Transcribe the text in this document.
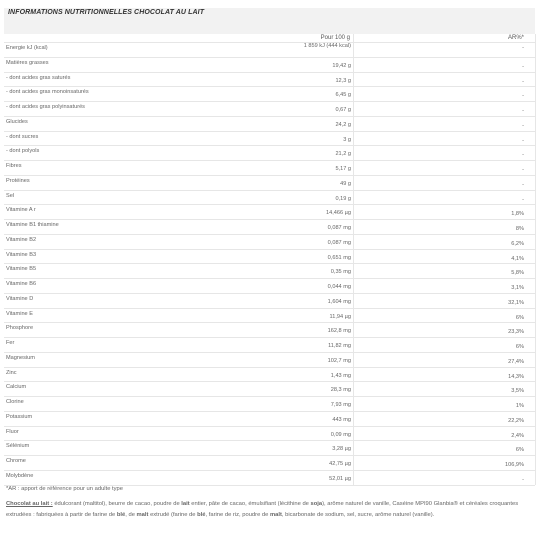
INFORMATIONS NUTRITIONNELLES CHOCOLAT AU LAIT
Pour 100 g	AR%*
Energie kJ (kcal)	1 859 kJ (444 kcal)	-
Matières grasses	19,42 g	-
- dont acides gras saturés	12,3 g	-
- dont acides gras monoinsaturés	6,45 g	-
- dont acides gras polyinsaturés	0,67 g	-
Glucides	24,2 g	-
- dont sucres	3 g	-
- dont polyols	21,2 g	-
Fibres	5,17 g	-
Protéines	49 g	-
Sel	0,19 g	-
Vitamine A r	14,466 µg	1,8%
Vitamine B1 thiamine	0,087 mg	8%
Vitamine B2	0,087 mg	6,2%
Vitamine B3	0,651 mg	4,1%
Vitamine B5	0,35 mg	5,8%
Vitamine B6	0,044 mg	3,1%
Vitamine D	1,604 mg	32,1%
Vitamine E	11,94 µg	6%
Phosphore	162,8 mg	23,3%
Fer	11,82 mg	6%
Magnesium	102,7 mg	27,4%
Zinc	1,43 mg	14,3%
Calcium	28,3 mg	3,5%
Clorine	7,93 mg	1%
Potassium	443 mg	22,2%
Fluor	0,09 mg	2,4%
Sélénium	3,28 µg	6%
Chrome	42,75 µg	106,9%
Molybdène	52,01 µg	-
*AR : apport de référence pour un adulte type
Chocolat au lait : édulcorant (maltitol), beurre de cacao, poudre de lait entier, pâte de cacao, émulsifiant (lécithine de soja), arôme naturel de vanille, Caséine MPI90 Glanbia® et céréales croquantes extrudées : fabriquées à partir de farine de blé, de malt extrudé (farine de blé, farine de riz, poudre de malt, bicarbonate de sodium, sel, sucre, arôme naturel (vanille).
